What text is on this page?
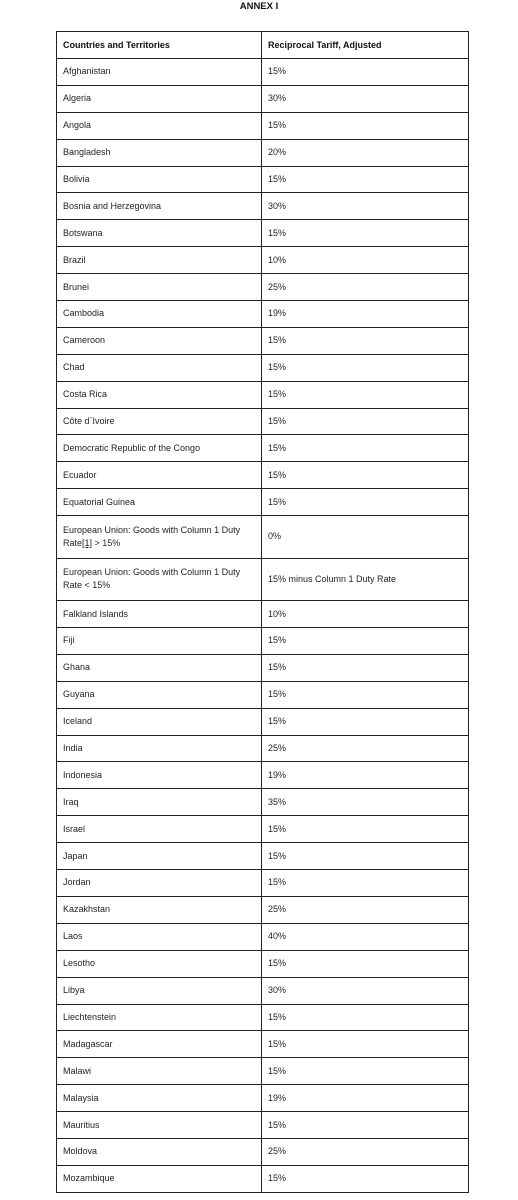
ANNEX I
Countries and Territories	Reciprocal Tariff, Adjusted
Afghanistan	15%
Algeria	30%
Angola	15%
Bangladesh	20%
Bolivia	15%
Bosnia and Herzegovina	30%
Botswana	15%
Brazil	10%
Brunei	25%
Cambodia	19%
Cameroon	15%
Chad	15%
Costa Rica	15%
Côte d`Ivoire	15%
Democratic Republic of the Congo	15%
Ecuador	15%
Equatorial Guinea	15%
European Union: Goods with Column 1 Duty Rate[1] > 15%	0%
European Union: Goods with Column 1 Duty Rate < 15%	15% minus Column 1 Duty Rate
Falkland Islands	10%
Fiji	15%
Ghana	15%
Guyana	15%
Iceland	15%
India	25%
Indonesia	19%
Iraq	35%
Israel	15%
Japan	15%
Jordan	15%
Kazakhstan	25%
Laos	40%
Lesotho	15%
Libya	30%
Liechtenstein	15%
Madagascar	15%
Malawi	15%
Malaysia	19%
Mauritius	15%
Moldova	25%
Mozambique	15%
